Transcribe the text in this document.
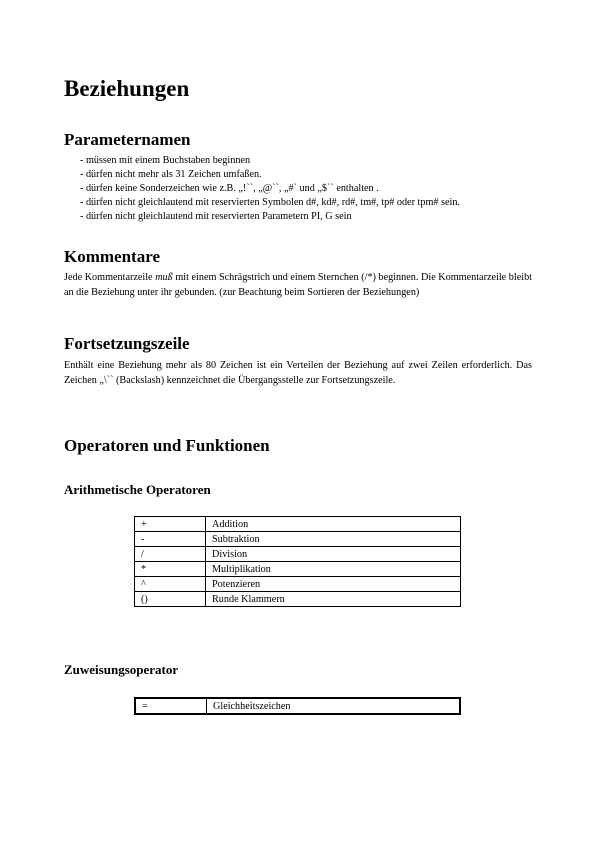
Beziehungen
Parameternamen
- müssen mit einem Buchstaben beginnen
- dürfen nicht mehr als 31 Zeichen umfaßen.
- dürfen keine Sonderzeichen wie z.B. „!``, „@``, „#` und „$`` enthalten .
- dürfen nicht gleichlautend mit reservierten Symbolen d#, kd#, rd#, tm#, tp# oder tpm# sein.
- dürfen nicht gleichlautend mit reservierten Parametern PI, G sein
Kommentare

Jede Kommentarzeile muß mit einem Schrägstrich und einem Sternchen (/*) beginnen. Die Kommentarzeile bleibt an die Beziehung unter ihr gebunden. (zur Beachtung beim Sortieren der Beziehungen)

Fortsetzungszeile

Enthält eine Beziehung mehr als 80 Zeichen ist ein Verteilen der Beziehung auf zwei Zeilen erforderlich. Das Zeichen „\`` (Backslash) kennzeichnet die Übergangsstelle zur Fortsetzungszeile.

Operatoren und Funktionen
Arithmetische Operatoren
+	Addition
-	Subtraktion
/	Division
*	Multiplikation
^	Potenzieren
()	Runde Klammern
Zuweisungsoperator
=	Gleichheitszeichen
